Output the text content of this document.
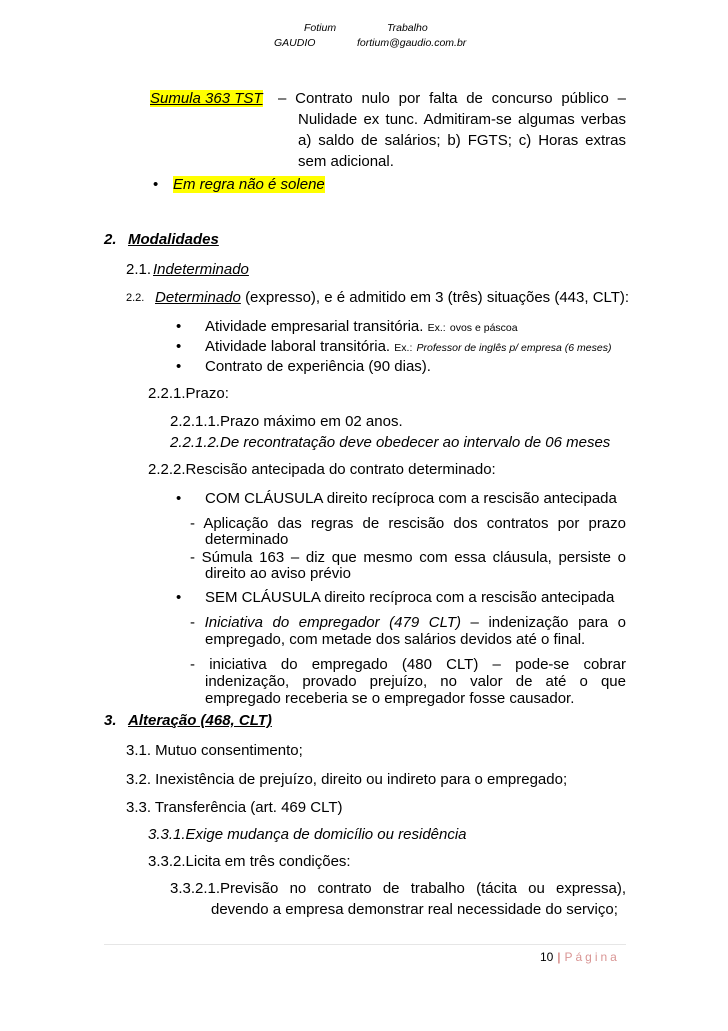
Fotium	Trabalho
GAUDIO	fortium@gaudio.com.br
Sumula 363 TST – Contrato nulo por falta de concurso público –
Nulidade ex tunc. Admitiram-se algumas verbas
a) saldo de salários; b) FGTS; c) Horas extras
sem adicional.
• Em regra não é solene
2. Modalidades
2.1. Indeterminado
2.2. Determinado (expresso), e é admitido em 3 (três) situações (443, CLT):
• Atividade empresarial transitória. Ex.: ovos e páscoa
• Atividade laboral transitória. Ex.: Professor de inglês p/ empresa (6 meses)
• Contrato de experiência (90 dias).
2.2.1.Prazo:
2.2.1.1.Prazo máximo em 02 anos.
2.2.1.2.De recontratação deve obedecer ao intervalo de 06 meses
2.2.2.Rescisão antecipada do contrato determinado:
• COM CLÁUSULA direito recíproca com a rescisão antecipada
- Aplicação das regras de rescisão dos contratos por prazo
determinado
- Súmula 163 – diz que mesmo com essa cláusula, persiste o
direito ao aviso prévio
• SEM CLÁUSULA direito recíproca com a rescisão antecipada
- Iniciativa do empregador (479 CLT) – indenização para o
empregado, com metade dos salários devidos até o final.
- iniciativa do empregado (480 CLT) – pode-se cobrar
indenização, provado prejuízo, no valor de até o que
empregado receberia se o empregador fosse causador.
3. Alteração (468, CLT)
3.1. Mutuo consentimento;
3.2. Inexistência de prejuízo, direito ou indireto para o empregado;
3.3. Transferência (art. 469 CLT)
3.3.1.Exige mudança de domicílio ou residência
3.3.2.Licita em três condições:
3.3.2.1.Previsão no contrato de trabalho (tácita ou expressa),
devendo a empresa demonstrar real necessidade do serviço;
10 | Página
